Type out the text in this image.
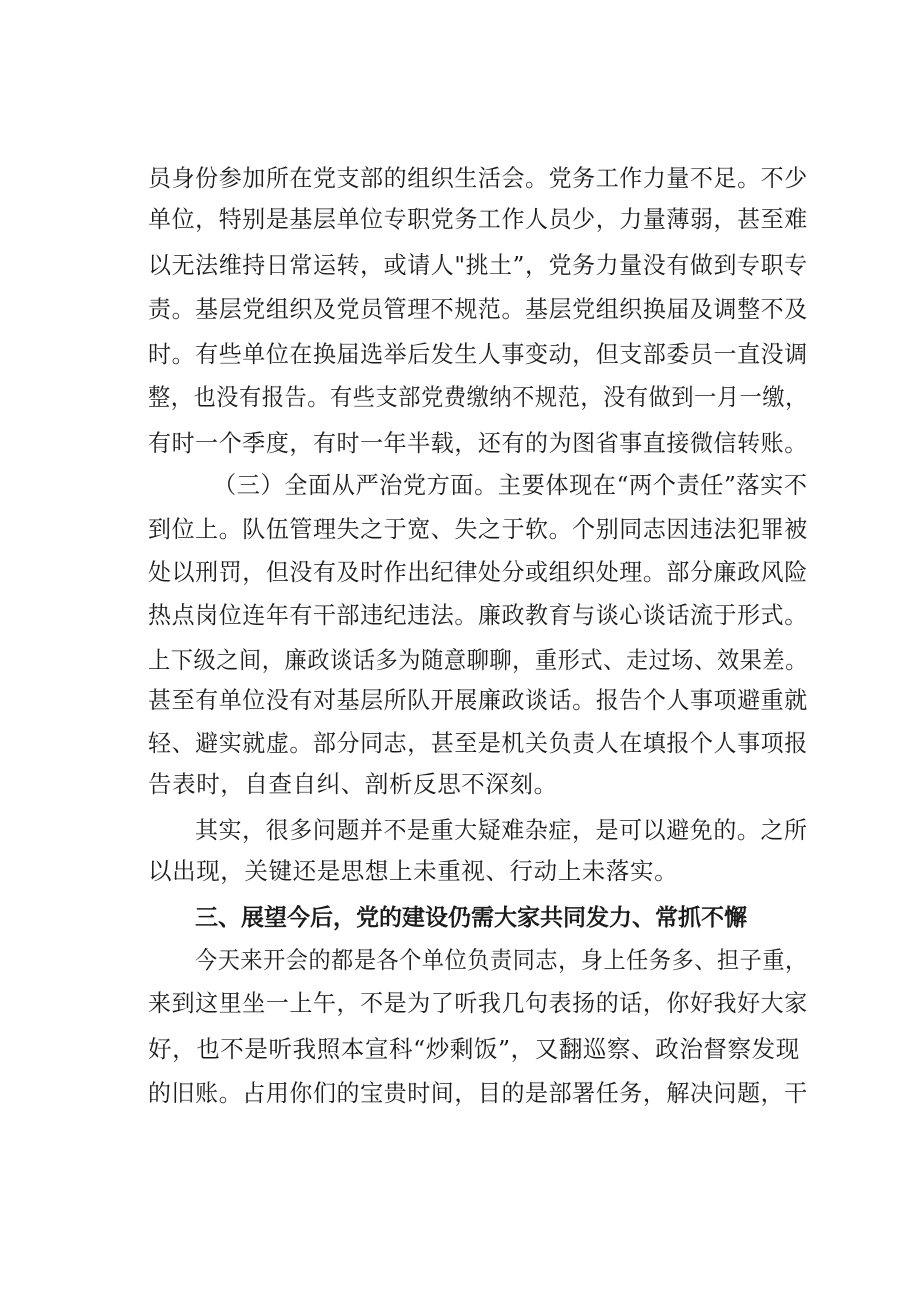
员身份参加所在党支部的组织生活会。党务工作力量不足。不少
单位，特别是基层单位专职党务工作人员少，力量薄弱，甚至难
以无法维持日常运转，或请人"挑土”，党务力量没有做到专职专
责。基层党组织及党员管理不规范。基层党组织换届及调整不及
时。有些单位在换届选举后发生人事变动，但支部委员一直没调
整，也没有报告。有些支部党费缴纳不规范，没有做到一月一缴，
有时一个季度，有时一年半载，还有的为图省事直接微信转账。
（三）全面从严治党方面。主要体现在“两个责任”落实不
到位上。队伍管理失之于宽、失之于软。个别同志因违法犯罪被
处以刑罚，但没有及时作出纪律处分或组织处理。部分廉政风险
热点岗位连年有干部违纪违法。廉政教育与谈心谈话流于形式。
上下级之间，廉政谈话多为随意聊聊，重形式、走过场、效果差。
甚至有单位没有对基层所队开展廉政谈话。报告个人事项避重就
轻、避实就虚。部分同志，甚至是机关负责人在填报个人事项报
告表时，自查自纠、剖析反思不深刻。
其实，很多问题并不是重大疑难杂症，是可以避免的。之所
以出现，关键还是思想上未重视、行动上未落实。
三、展望今后，党的建设仍需大家共同发力、常抓不懈
今天来开会的都是各个单位负责同志，身上任务多、担子重，
来到这里坐一上午，不是为了听我几句表扬的话，你好我好大家
好，也不是听我照本宣科“炒剩饭”，又翻巡察、政治督察发现
的旧账。占用你们的宝贵时间，目的是部署任务，解决问题，干
